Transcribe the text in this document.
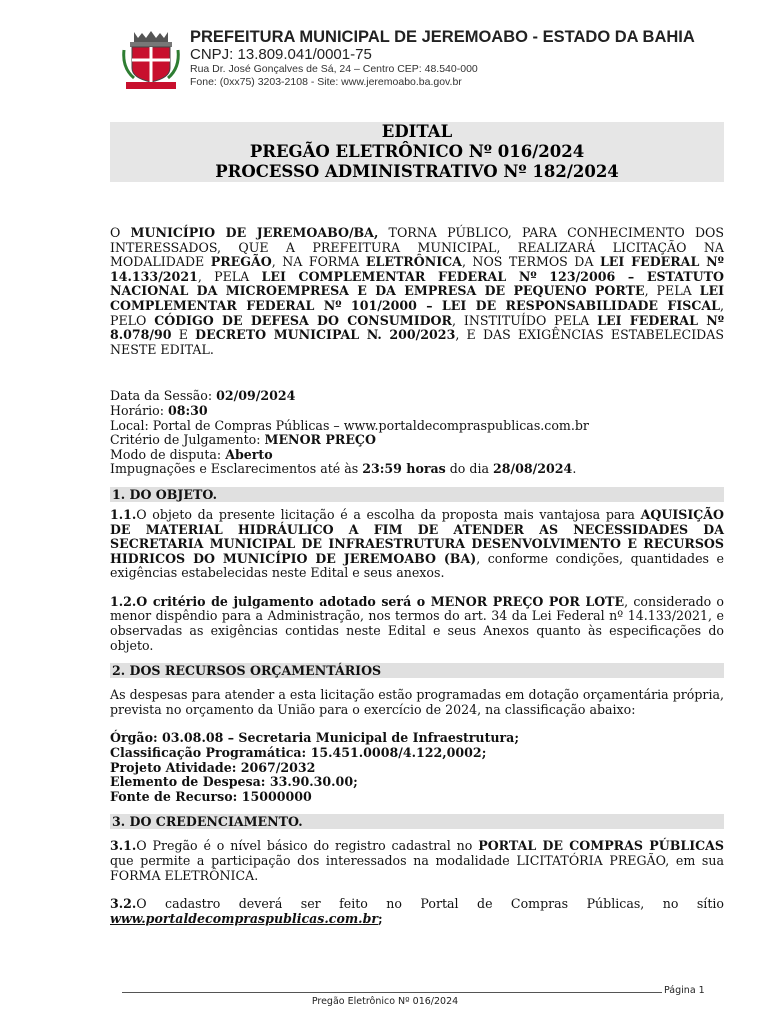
PREFEITURA MUNICIPAL DE JEREMOABO - ESTADO DA BAHIA
CNPJ: 13.809.041/0001-75
Rua Dr. José Gonçalves de Sá, 24 – Centro CEP: 48.540-000
Fone: (0xx75) 3203-2108 - Site: www.jeremoabo.ba.gov.br
EDITAL
PREGÃO ELETRÔNICO Nº 016/2024
PROCESSO ADMINISTRATIVO Nº 182/2024

O MUNICÍPIO DE JEREMOABO/BA, TORNA PÚBLICO, PARA CONHECIMENTO DOS INTERESSADOS, QUE A PREFEITURA MUNICIPAL, REALIZARÁ LICITAÇÃO NA MODALIDADE PREGÃO, NA FORMA ELETRÔNICA, NOS TERMOS DA LEI FEDERAL Nº 14.133/2021, PELA LEI COMPLEMENTAR FEDERAL Nº 123/2006 – ESTATUTO NACIONAL DA MICROEMPRESA E DA EMPRESA DE PEQUENO PORTE, PELA LEI COMPLEMENTAR FEDERAL Nº 101/2000 – LEI DE RESPONSABILIDADE FISCAL, PELO CÓDIGO DE DEFESA DO CONSUMIDOR, INSTITUÍDO PELA LEI FEDERAL Nº 8.078/90 E DECRETO MUNICIPAL N. 200/2023, E DAS EXIGÊNCIAS ESTABELECIDAS NESTE EDITAL.

Data da Sessão: 02/09/2024
Horário: 08:30
Local: Portal de Compras Públicas – www.portaldecompraspublicas.com.br
Critério de Julgamento: MENOR PREÇO
Modo de disputa: Aberto
Impugnações e Esclarecimentos até às 23:59 horas do dia 28/08/2024.
1. DO OBJETO.

1.1.O objeto da presente licitação é a escolha da proposta mais vantajosa para AQUISIÇÃO DE MATERIAL HIDRÁULICO A FIM DE ATENDER AS NECESSIDADES DA SECRETARIA MUNICIPAL DE INFRAESTRUTURA DESENVOLVIMENTO E RECURSOS HIDRICOS DO MUNICÍPIO DE JEREMOABO (BA), conforme condições, quantidades e exigências estabelecidas neste Edital e seus anexos.

1.2.O critério de julgamento adotado será o MENOR PREÇO POR LOTE, considerado o menor dispêndio para a Administração, nos termos do art. 34 da Lei Federal nº 14.133/2021, e observadas as exigências contidas neste Edital e seus Anexos quanto às especificações do objeto.

2. DOS RECURSOS ORÇAMENTÁRIOS

As despesas para atender a esta licitação estão programadas em dotação orçamentária própria, prevista no orçamento da União para o exercício de 2024, na classificação abaixo:

Órgão: 03.08.08 – Secretaria Municipal de Infraestrutura;
Classificação Programática: 15.451.0008/4.122,0002;
Projeto Atividade: 2067/2032
Elemento de Despesa: 33.90.30.00;
Fonte de Recurso: 15000000
3. DO CREDENCIAMENTO.

3.1.O Pregão é o nível básico do registro cadastral no PORTAL DE COMPRAS PÚBLICAS que permite a participação dos interessados na modalidade LICITATÓRIA PREGÃO, em sua FORMA ELETRÔNICA.

3.2.O cadastro deverá ser feito no Portal de Compras Públicas, no sítio www.portaldecompraspublicas.com.br;

Página 1
Pregão Eletrônico Nº 016/2024
